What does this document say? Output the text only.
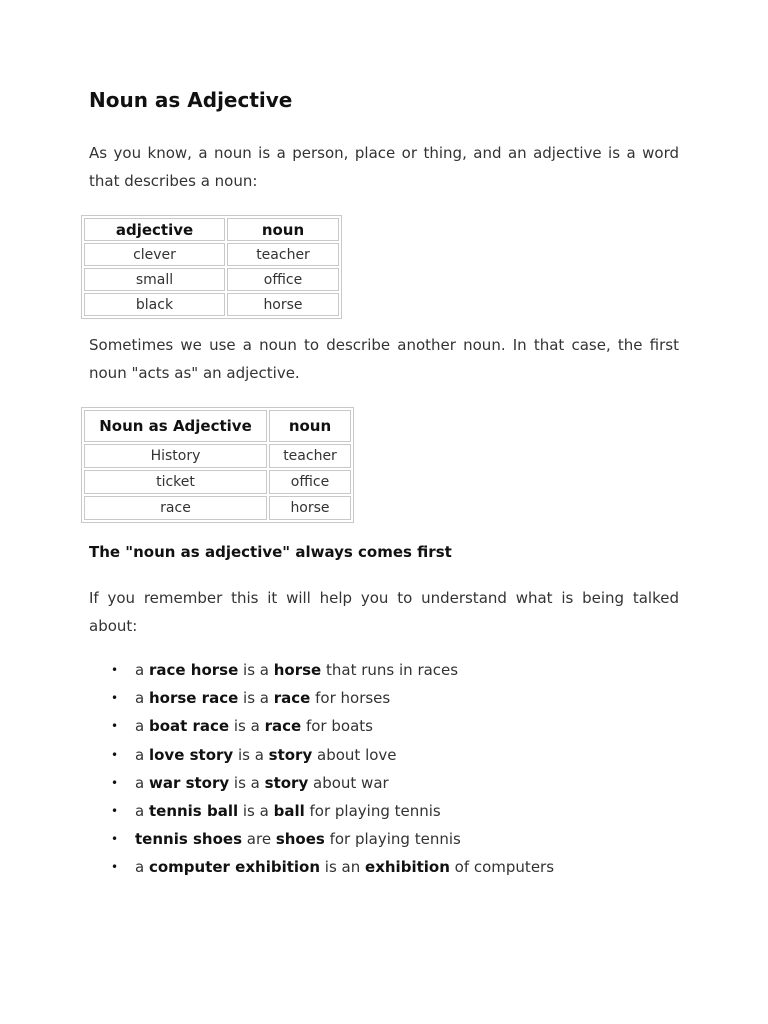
Noun as Adjective

As you know, a noun is a person, place or thing, and an adjective is a word that describes a noun:

adjective	noun
clever	teacher
small	office
black	horse

Sometimes we use a noun to describe another noun. In that case, the first noun "acts as" an adjective.

Noun as Adjective	noun
History	teacher
ticket	office
race	horse

The "noun as adjective" always comes first

If you remember this it will help you to understand what is being talked about:

• a race horse is a horse that runs in races
• a horse race is a race for horses
• a boat race is a race for boats
• a love story is a story about love
• a war story is a story about war
• a tennis ball is a ball for playing tennis
• tennis shoes are shoes for playing tennis
• a computer exhibition is an exhibition of computers
